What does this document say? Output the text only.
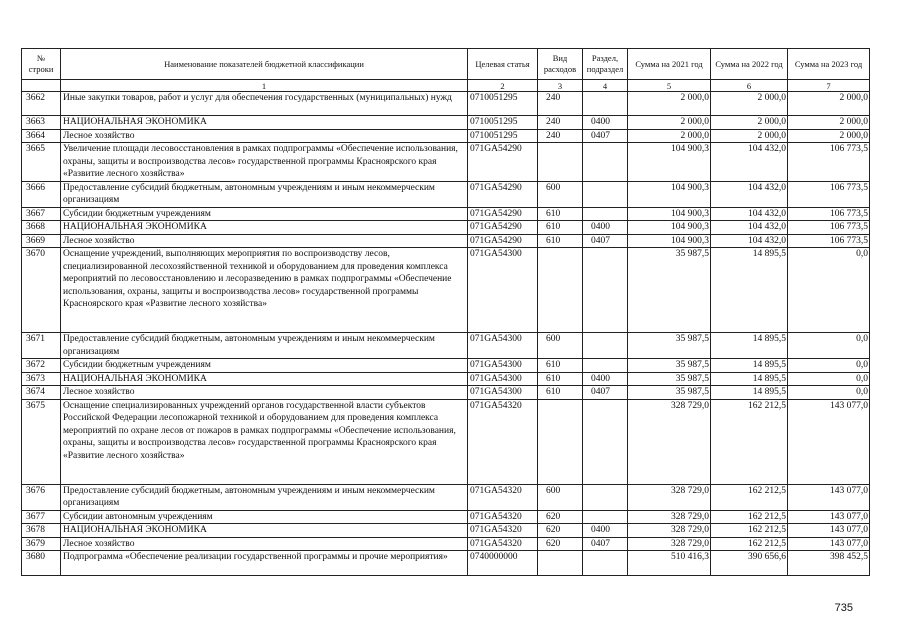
№ строки	Наименование показателей бюджетной классификации	Целевая статья	Вид расходов	Раздел, подраздел	Сумма на 2021 год	Сумма на 2022 год	Сумма на 2023 год
	1	2	3	4	5	6	7
3662	Иные закупки товаров, работ и услуг для обеспечения государственных (муниципальных) нужд	0710051295	240		2 000,0	2 000,0	2 000,0
3663	НАЦИОНАЛЬНАЯ ЭКОНОМИКА	0710051295	240	0400	2 000,0	2 000,0	2 000,0
3664	Лесное хозяйство	0710051295	240	0407	2 000,0	2 000,0	2 000,0
3665	Увеличение площади лесовосстановления в рамках подпрограммы «Обеспечение использования, охраны, защиты и воспроизводства лесов» государственной программы Красноярского края «Развитие лесного хозяйства»	071GA54290			104 900,3	104 432,0	106 773,5
3666	Предоставление субсидий бюджетным, автономным учреждениям и иным некоммерческим организациям	071GA54290	600		104 900,3	104 432,0	106 773,5
3667	Субсидии бюджетным учреждениям	071GA54290	610		104 900,3	104 432,0	106 773,5
3668	НАЦИОНАЛЬНАЯ ЭКОНОМИКА	071GA54290	610	0400	104 900,3	104 432,0	106 773,5
3669	Лесное хозяйство	071GA54290	610	0407	104 900,3	104 432,0	106 773,5
3670	Оснащение учреждений, выполняющих мероприятия по воспроизводству лесов, специализированной лесохозяйственной техникой и оборудованием для проведения комплекса мероприятий по лесовосстановлению и лесоразведению в рамках подпрограммы «Обеспечение использования, охраны, защиты и воспроизводства лесов» государственной программы Красноярского края «Развитие лесного хозяйства»	071GA54300			35 987,5	14 895,5	0,0
3671	Предоставление субсидий бюджетным, автономным учреждениям и иным некоммерческим организациям	071GA54300	600		35 987,5	14 895,5	0,0
3672	Субсидии бюджетным учреждениям	071GA54300	610		35 987,5	14 895,5	0,0
3673	НАЦИОНАЛЬНАЯ ЭКОНОМИКА	071GA54300	610	0400	35 987,5	14 895,5	0,0
3674	Лесное хозяйство	071GA54300	610	0407	35 987,5	14 895,5	0,0
3675	Оснащение специализированных учреждений органов государственной власти субъектов Российской Федерации лесопожарной техникой и оборудованием для проведения комплекса мероприятий по охране лесов от пожаров в рамках подпрограммы «Обеспечение использования, охраны, защиты и воспроизводства лесов» государственной программы Красноярского края «Развитие лесного хозяйства»	071GA54320			328 729,0	162 212,5	143 077,0
3676	Предоставление субсидий бюджетным, автономным учреждениям и иным некоммерческим организациям	071GA54320	600		328 729,0	162 212,5	143 077,0
3677	Субсидии автономным учреждениям	071GA54320	620		328 729,0	162 212,5	143 077,0
3678	НАЦИОНАЛЬНАЯ ЭКОНОМИКА	071GA54320	620	0400	328 729,0	162 212,5	143 077,0
3679	Лесное хозяйство	071GA54320	620	0407	328 729,0	162 212,5	143 077,0
3680	Подпрограмма «Обеспечение реализации государственной программы и прочие мероприятия»	0740000000			510 416,3	390 656,6	398 452,5
735
